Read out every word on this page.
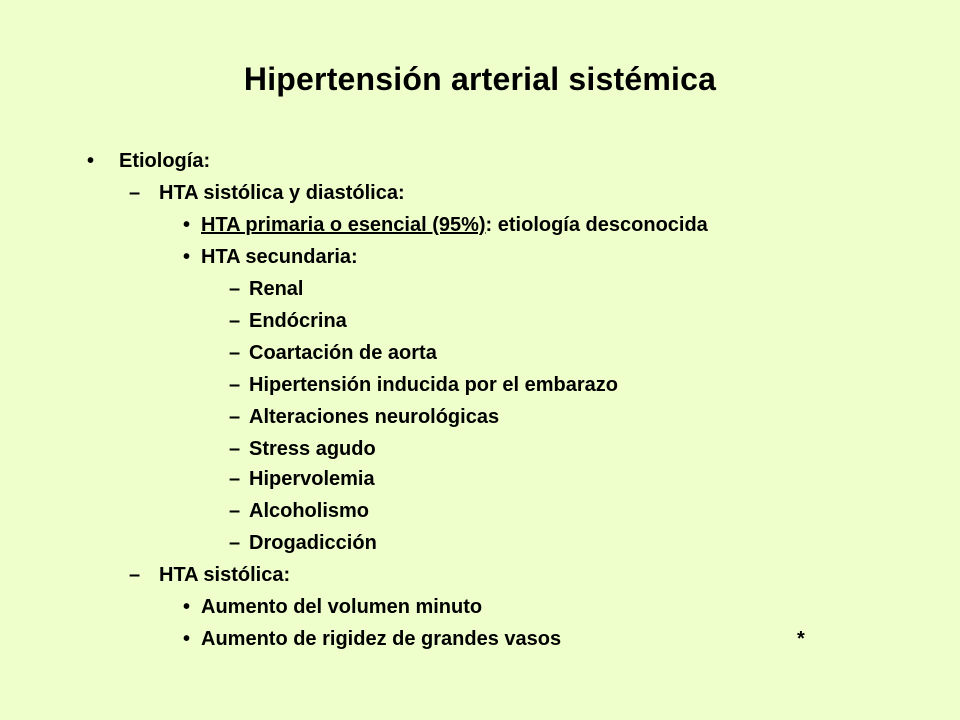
Hipertensión arterial sistémica
• Etiología:
– HTA sistólica y diastólica:
• HTA primaria o esencial (95%): etiología desconocida
• HTA secundaria:
– Renal
– Endócrina
– Coartación de aorta
– Hipertensión inducida por el embarazo
– Alteraciones neurológicas
– Stress agudo
– Hipervolemia
– Alcoholismo
– Drogadicción
– HTA sistólica:
• Aumento del volumen minuto
• Aumento de rigidez de grandes vasos	*
